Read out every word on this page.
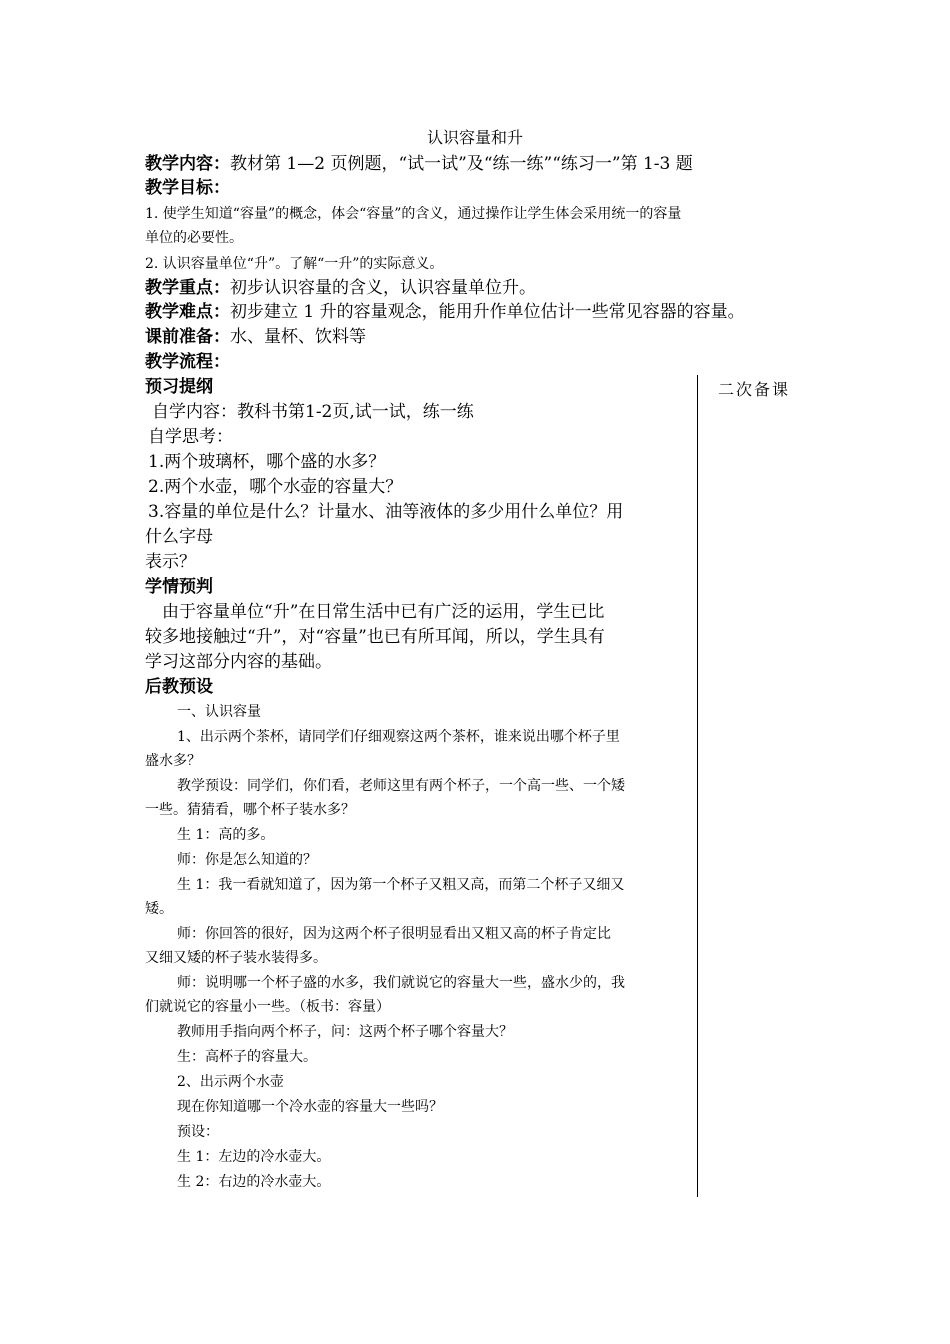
认识容量和升
教学内容：教材第 1—2 页例题，“试一试”及“练一练”“练习一”第 1-3 题
教学目标：
1. 使学生知道“容量”的概念，体会“容量”的含义，通过操作让学生体会采用统一的容量
单位的必要性。
2. 认识容量单位“升”。了解“一升”的实际意义。
教学重点：初步认识容量的含义，认识容量单位升。
教学难点：初步建立 1 升的容量观念，能用升作单位估计一些常见容器的容量。
课前准备：水、量杯、饮料等
教学流程：
二次备课
预习提纲
自学内容：教科书第1-2页,试一试，练一练
自学思考：
1.两个玻璃杯，哪个盛的水多？
2.两个水壶，哪个水壶的容量大？
3.容量的单位是什么？计量水、油等液体的多少用什么单位？用
什么字母
表示？
学情预判
由于容量单位“升”在日常生活中已有广泛的运用，学生已比
较多地接触过“升”，对“容量”也已有所耳闻，所以，学生具有
学习这部分内容的基础。
后教预设
一、认识容量
1、出示两个茶杯，请同学们仔细观察这两个茶杯，谁来说出哪个杯子里
盛水多？
教学预设：同学们，你们看，老师这里有两个杯子，一个高一些、一个矮
一些。猜猜看，哪个杯子装水多？
生 1：高的多。
师：你是怎么知道的？
生 1：我一看就知道了，因为第一个杯子又粗又高，而第二个杯子又细又
矮。
师：你回答的很好，因为这两个杯子很明显看出又粗又高的杯子肯定比
又细又矮的杯子装水装得多。
师：说明哪一个杯子盛的水多，我们就说它的容量大一些，盛水少的，我
们就说它的容量小一些。（板书：容量）
教师用手指向两个杯子，问：这两个杯子哪个容量大？
生：高杯子的容量大。
2、出示两个水壶
现在你知道哪一个冷水壶的容量大一些吗？
预设：
生 1：左边的冷水壶大。
生 2：右边的冷水壶大。
